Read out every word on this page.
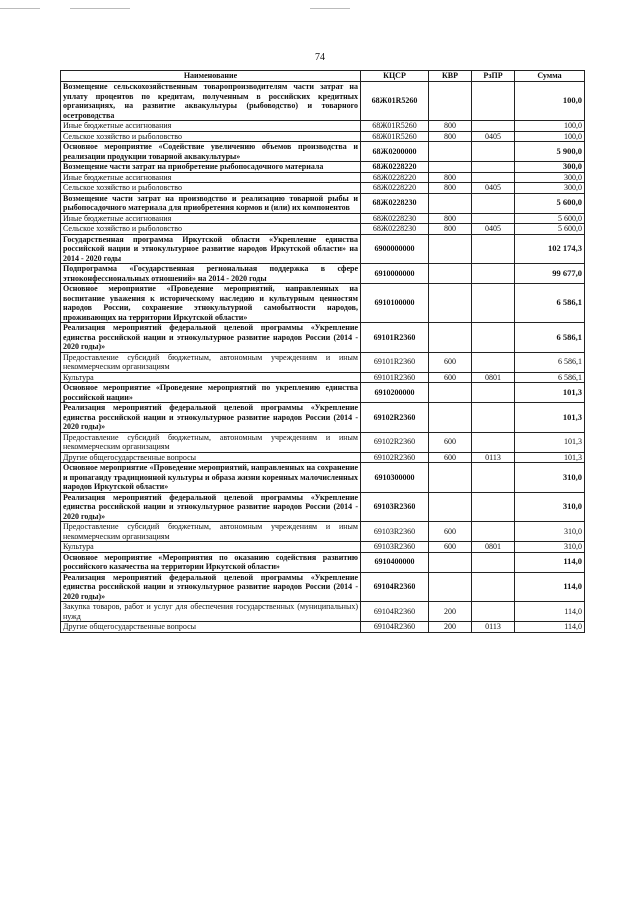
74
Наименование	КЦСР	КВР	РзПР	Сумма
Возмещение сельскохозяйственным товаропроизводителям части затрат на уплату процентов по кредитам, полученным в российских кредитных организациях, на развитие аквакультуры (рыбоводство) и товарного осетроводства	68Ж01R5260			100,0
Иные бюджетные ассигнования	68Ж01R5260	800		100,0
Сельское хозяйство и рыболовство	68Ж01R5260	800	0405	100,0
Основное мероприятие «Содействие увеличению объемов производства и реализации продукции товарной аквакультуры»	68Ж0200000			5 900,0
Возмещение части затрат на приобретение рыбопосадочного материала	68Ж0228220			300,0
Иные бюджетные ассигнования	68Ж0228220	800		300,0
Сельское хозяйство и рыболовство	68Ж0228220	800	0405	300,0
Возмещение части затрат на производство и реализацию товарной рыбы и рыбопосадочного материала для приобретения кормов и (или) их компонентов	68Ж0228230			5 600,0
Иные бюджетные ассигнования	68Ж0228230	800		5 600,0
Сельское хозяйство и рыболовство	68Ж0228230	800	0405	5 600,0
Государственная программа Иркутской области «Укрепление единства российской нации и этнокультурное развитие народов Иркутской области» на 2014 - 2020 годы	6900000000			102 174,3
Подпрограмма «Государственная региональная поддержка в сфере этноконфессиональных отношений» на 2014 - 2020 годы	6910000000			99 677,0
Основное мероприятие «Проведение мероприятий, направленных на воспитание уважения к историческому наследию и культурным ценностям народов России, сохранение этнокультурной самобытности народов, проживающих на территории Иркутской области»	6910100000			6 586,1
Реализация мероприятий федеральной целевой программы «Укрепление единства российской нации и этнокультурное развитие народов России (2014 - 2020 годы)»	69101R2360			6 586,1
Предоставление субсидий бюджетным, автономным учреждениям и иным некоммерческим организациям	69101R2360	600		6 586,1
Культура	69101R2360	600	0801	6 586,1
Основное мероприятие «Проведение мероприятий по укреплению единства российской нации»	6910200000			101,3
Реализация мероприятий федеральной целевой программы «Укрепление единства российской нации и этнокультурное развитие народов России (2014 - 2020 годы)»	69102R2360			101,3
Предоставление субсидий бюджетным, автономным учреждениям и иным некоммерческим организациям	69102R2360	600		101,3
Другие общегосударственные вопросы	69102R2360	600	0113	101,3
Основное мероприятие «Проведение мероприятий, направленных на сохранение и пропаганду традиционной культуры и образа жизни коренных малочисленных народов Иркутской области»	6910300000			310,0
Реализация мероприятий федеральной целевой программы «Укрепление единства российской нации и этнокультурное развитие народов России (2014 - 2020 годы)»	69103R2360			310,0
Предоставление субсидий бюджетным, автономным учреждениям и иным некоммерческим организациям	69103R2360	600		310,0
Культура	69103R2360	600	0801	310,0
Основное мероприятие «Мероприятия по оказанию содействия развитию российского казачества на территории Иркутской области»	6910400000			114,0
Реализация мероприятий федеральной целевой программы «Укрепление единства российской нации и этнокультурное развитие народов России (2014 - 2020 годы)»	69104R2360			114,0
Закупка товаров, работ и услуг для обеспечения государственных (муниципальных) нужд	69104R2360	200		114,0
Другие общегосударственные вопросы	69104R2360	200	0113	114,0
